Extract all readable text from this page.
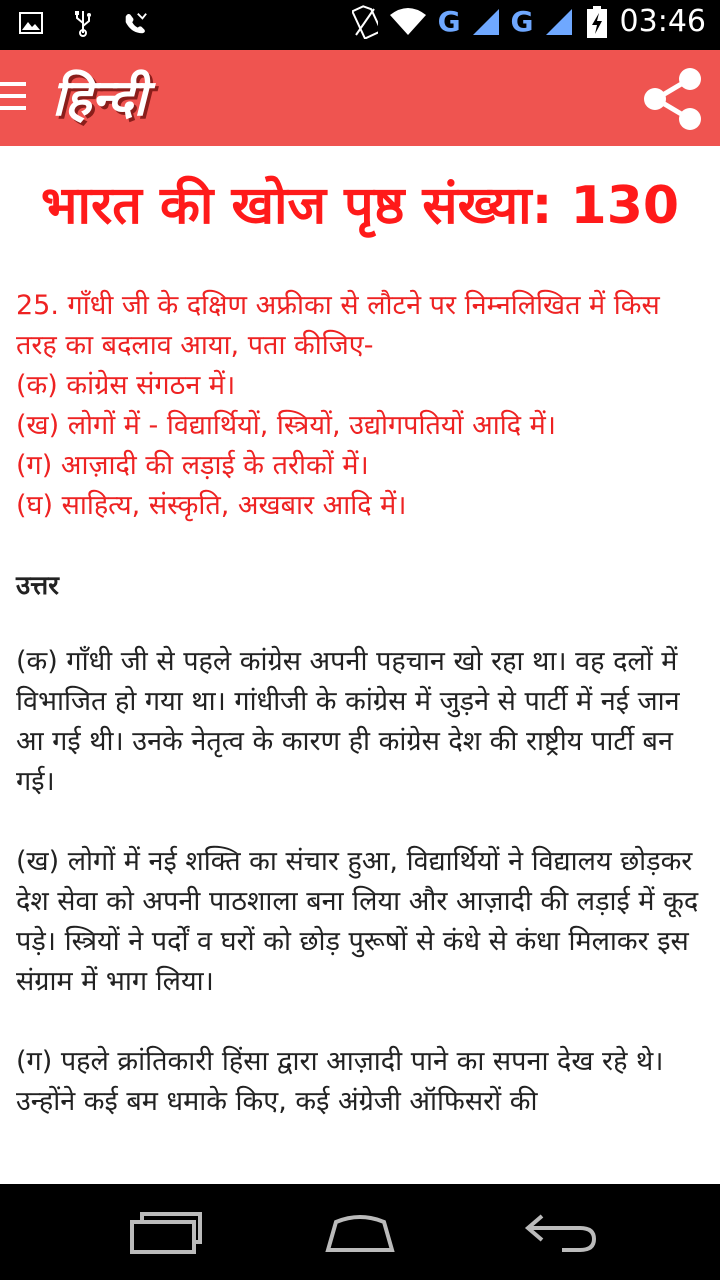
G G	03:46
हिन्दी
भारत की खोज पृष्ठ संख्या: 130

25. गाँधी जी के दक्षिण अफ्रीका से लौटने पर निम्नलिखित में किस तरह का बदलाव आया, पता कीजिए-

(क) कांग्रेस संगठन में।

(ख) लोगों में - विद्यार्थियों, स्त्रियों, उद्योगपतियों आदि में।

(ग) आज़ादी की लड़ाई के तरीकों में।

(घ) साहित्य, संस्कृति, अखबार आदि में।

उत्तर
(क) गाँधी जी से पहले कांग्रेस अपनी पहचान खो रहा था। वह दलों में विभाजित हो गया था। गांधीजी के कांग्रेस में जुड़ने से पार्टी में नई जान आ गई थी। उनके नेतृत्व के कारण ही कांग्रेस देश की राष्ट्रीय पार्टी बन गई।
(ख) लोगों में नई शक्ति का संचार हुआ, विद्यार्थियों ने विद्यालय छोड़कर देश सेवा को अपनी पाठशाला बना लिया और आज़ादी की लड़ाई में कूद पड़े। स्त्रियों ने पर्दों व घरों को छोड़ पुरूषों से कंधे से कंधा मिलाकर इस संग्राम में भाग लिया।
(ग) पहले क्रांतिकारी हिंसा द्वारा आज़ादी पाने का सपना देख रहे थे। उन्होंने कई बम धमाके किए, कई अंग्रेजी ऑफिसरों की
